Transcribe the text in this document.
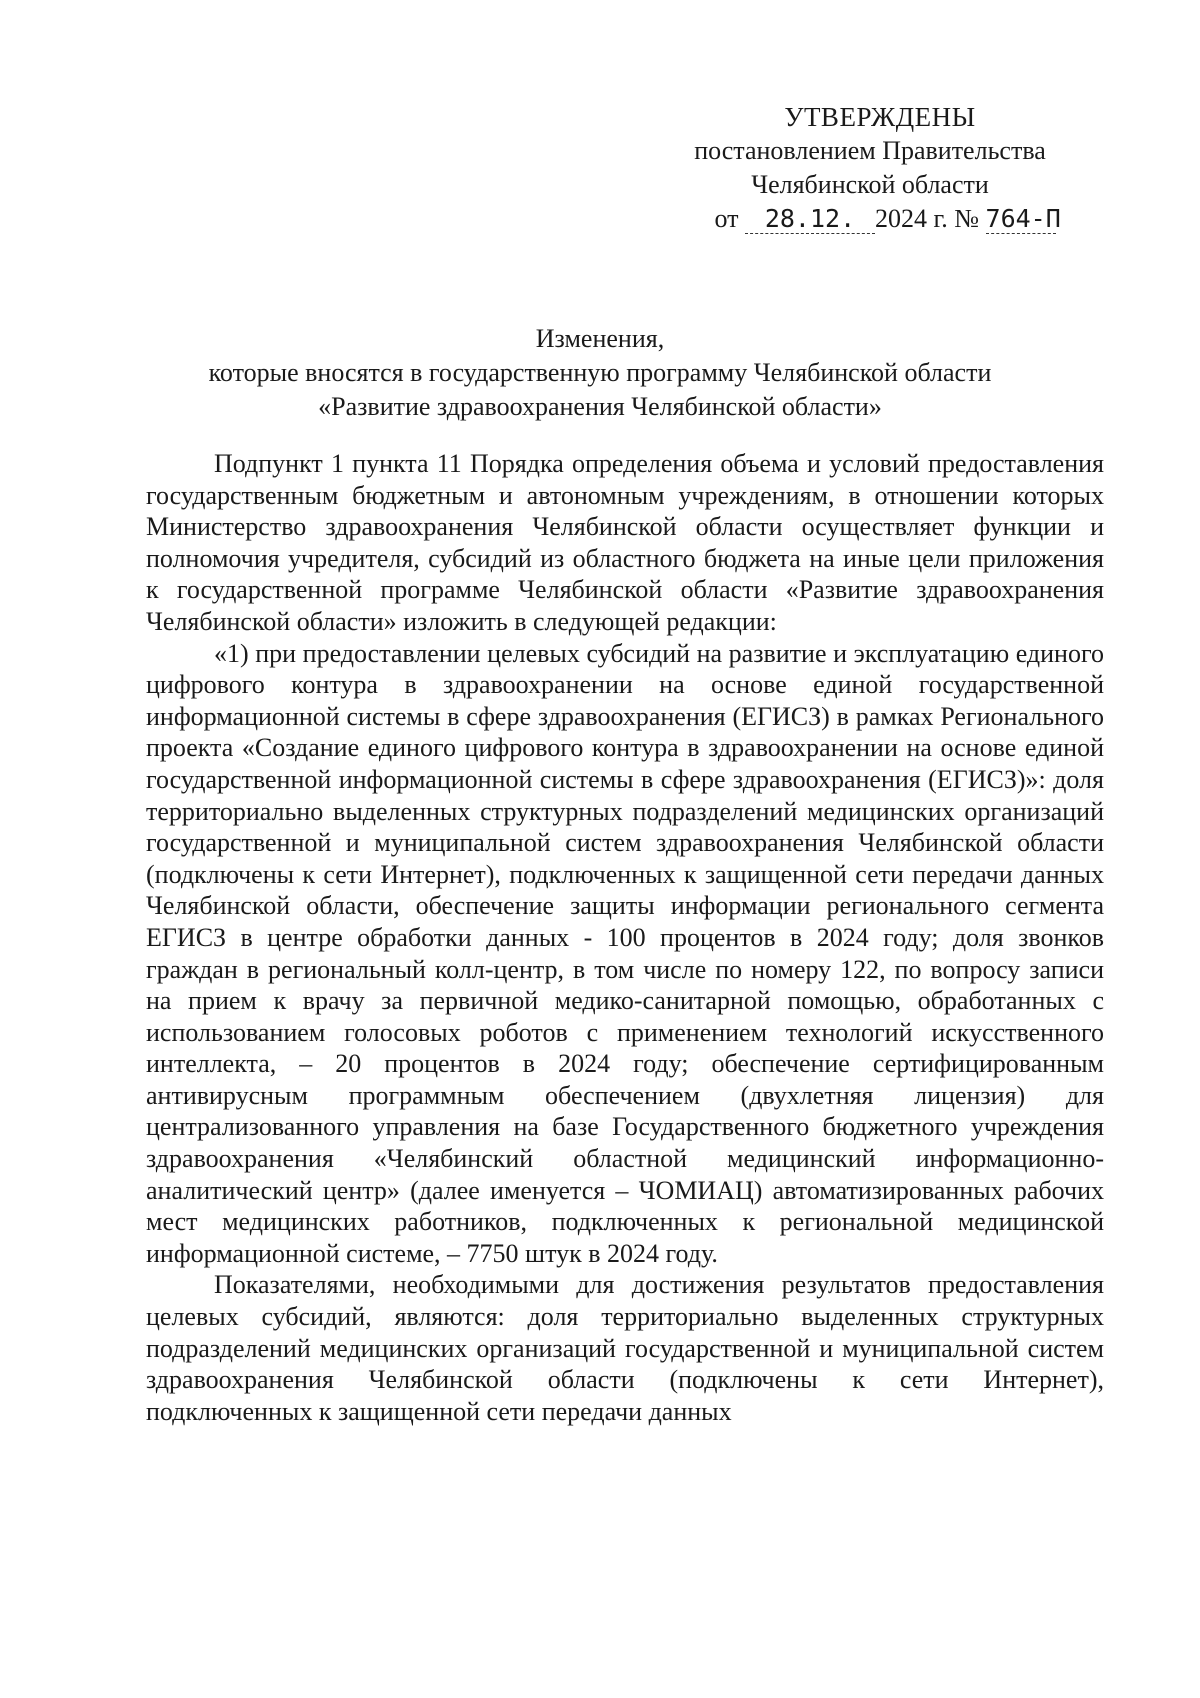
УТВЕРЖДЕНЫ
постановлением Правительства
Челябинской области
от 28.12. 2024 г. № 764-П
Изменения,
которые вносятся в государственную программу Челябинской области
«Развитие здравоохранения Челябинской области»

Подпункт 1 пункта 11 Порядка определения объема и условий предоставления государственным бюджетным и автономным учреждениям, в отношении которых Министерство здравоохранения Челябинской области осуществляет функции и полномочия учредителя, субсидий из областного бюджета на иные цели приложения к государственной программе Челябинской области «Развитие здравоохранения Челябинской области» изложить в следующей редакции:

«1) при предоставлении целевых субсидий на развитие и эксплуатацию единого цифрового контура в здравоохранении на основе единой государственной информационной системы в сфере здравоохранения (ЕГИСЗ) в рамках Регионального проекта «Создание единого цифрового контура в здравоохранении на основе единой государственной информационной системы в сфере здравоохранения (ЕГИСЗ)»: доля территориально выделенных структурных подразделений медицинских организаций государственной и муниципальной систем здравоохранения Челябинской области (подключены к сети Интернет), подключенных к защищенной сети передачи данных Челябинской области, обеспечение защиты информации регионального сегмента ЕГИСЗ в центре обработки данных - 100 процентов в 2024 году; доля звонков граждан в региональный колл-центр, в том числе по номеру 122, по вопросу записи на прием к врачу за первичной медико-санитарной помощью, обработанных с использованием голосовых роботов с применением технологий искусственного интеллекта, – 20 процентов в 2024 году; обеспечение сертифицированным антивирусным программным обеспечением (двухлетняя лицензия) для централизованного управления на базе Государственного бюджетного учреждения здравоохранения «Челябинский областной медицинский информационно-аналитический центр» (далее именуется – ЧОМИАЦ) автоматизированных рабочих мест медицинских работников, подключенных к региональной медицинской информационной системе, – 7750 штук в 2024 году.

Показателями, необходимыми для достижения результатов предоставления целевых субсидий, являются: доля территориально выделенных структурных подразделений медицинских организаций государственной и муниципальной систем здравоохранения Челябинской области (подключены к сети Интернет), подключенных к защищенной сети передачи данных
